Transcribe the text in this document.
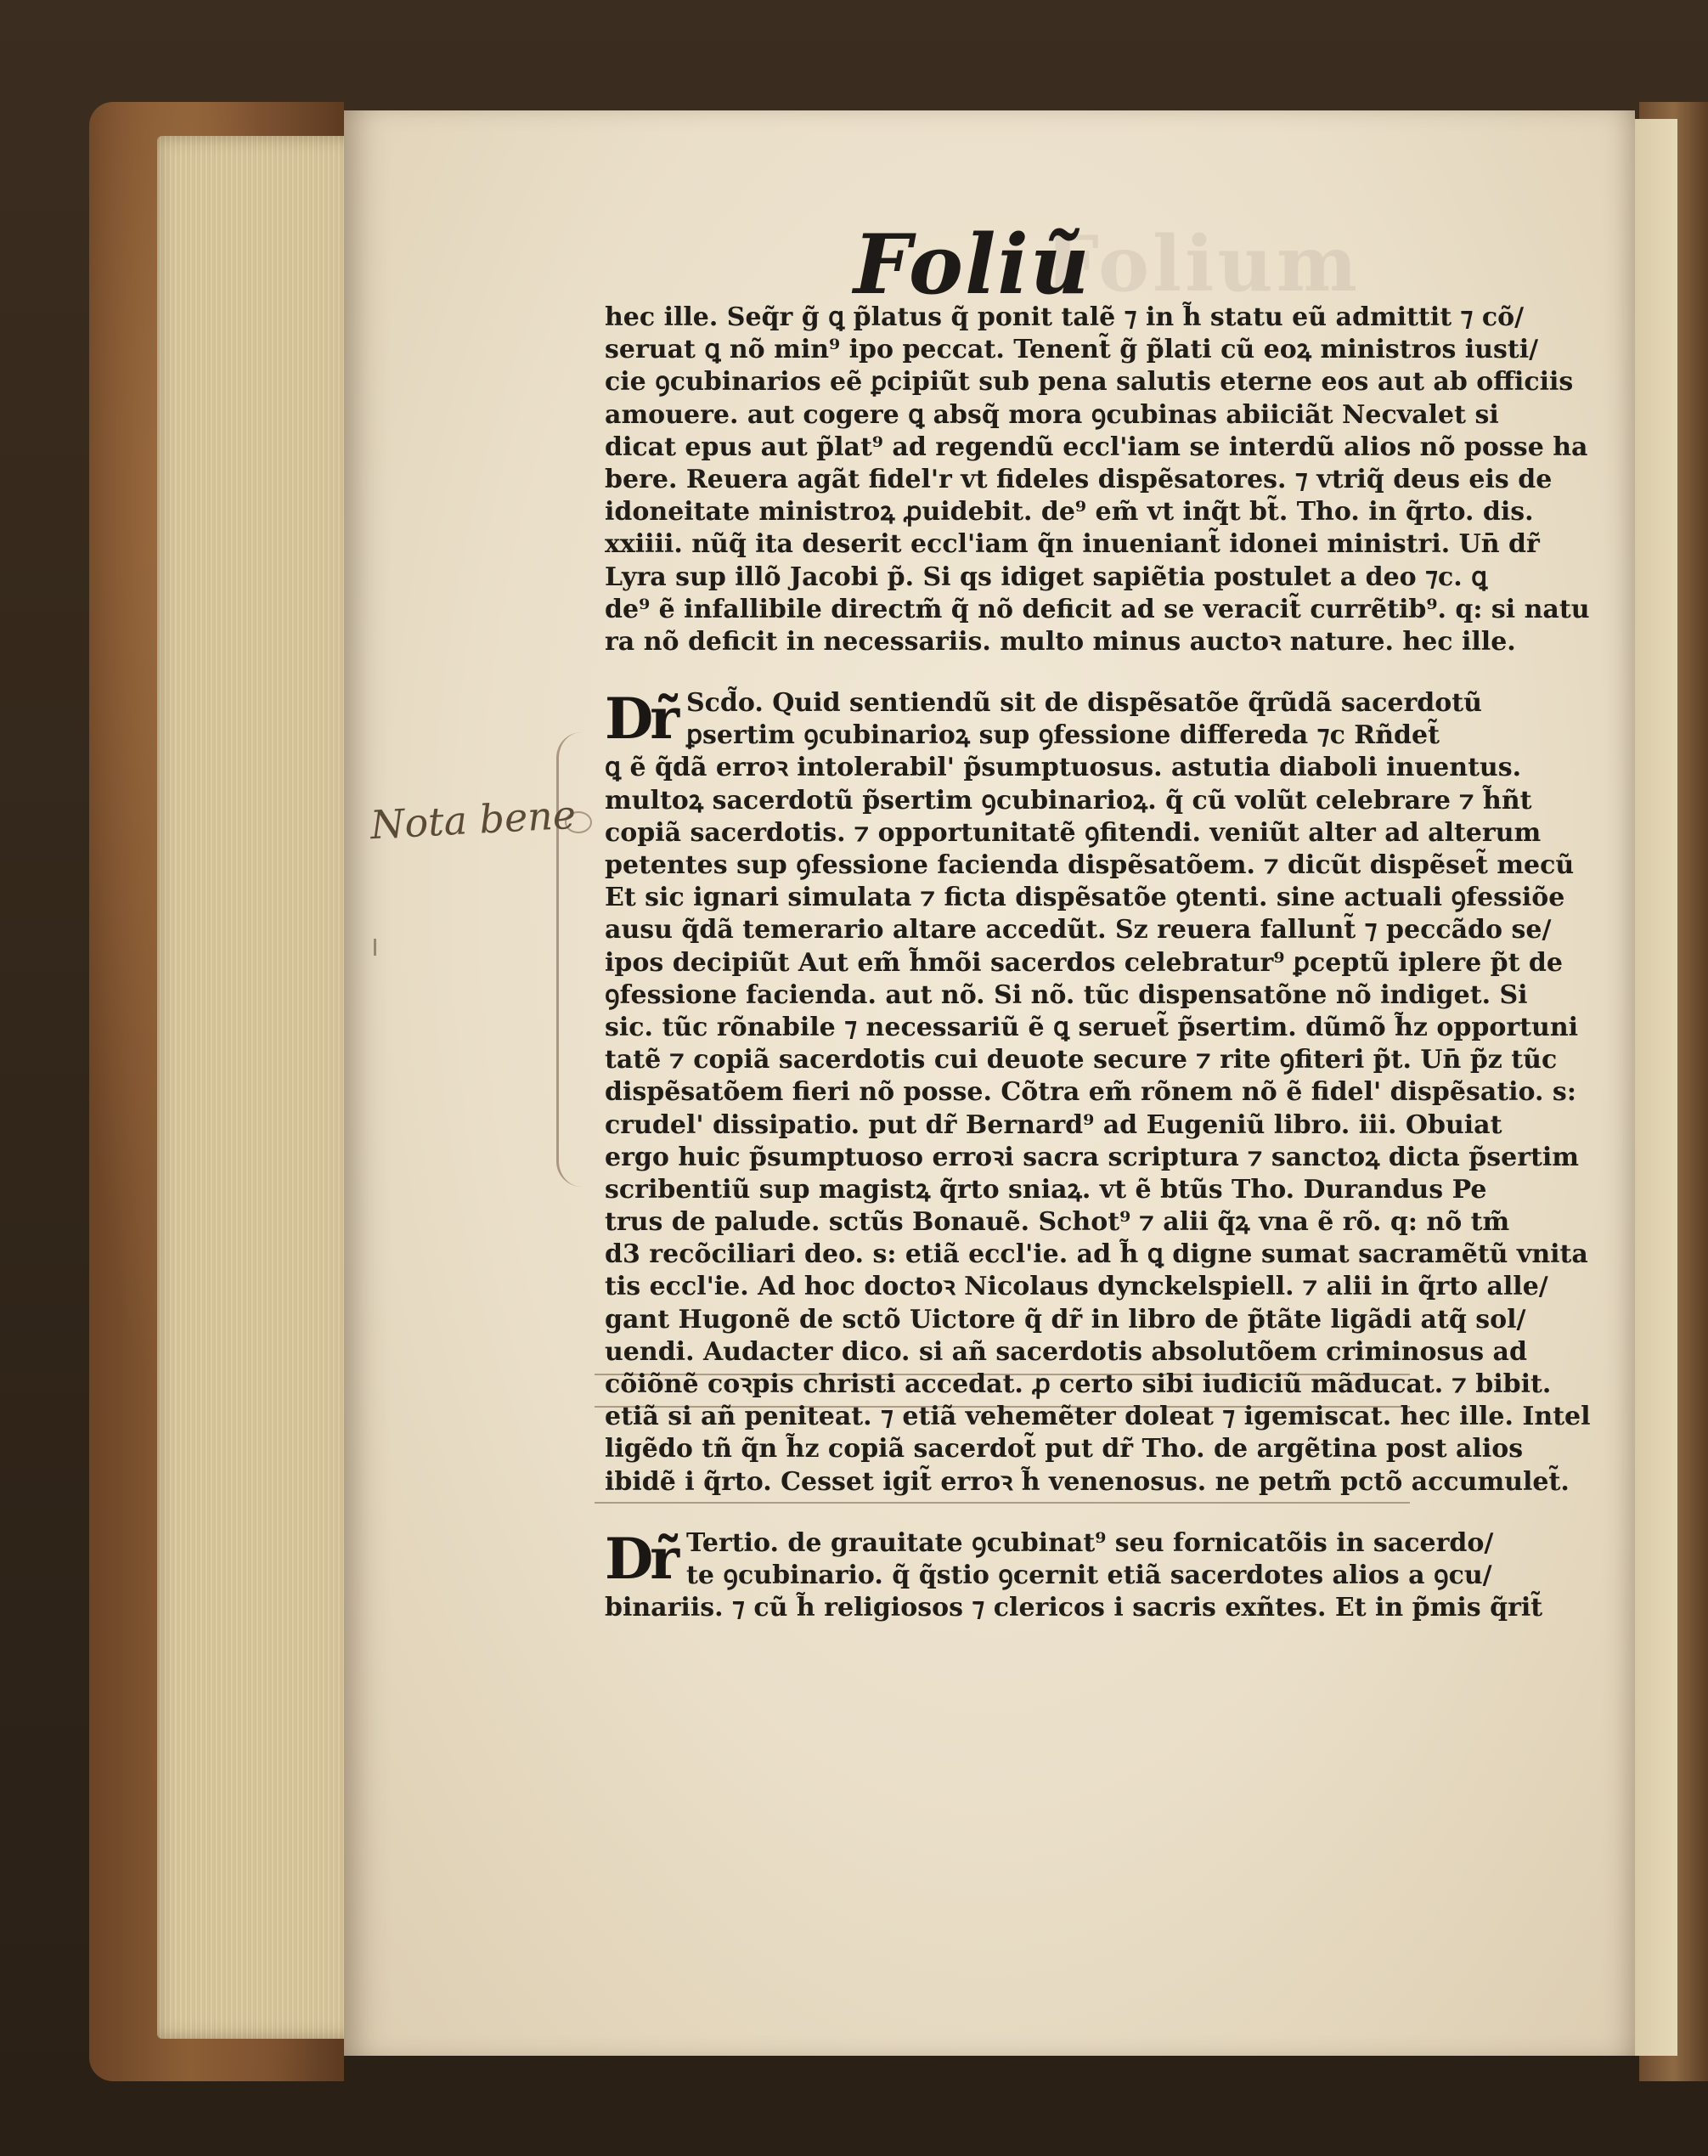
Folium
Foliũ
Nota bene
hec ille. Seq̃r g̃ ꝗ p̃latus q̃ ponit talẽ ⁊ in h̃ statu eũ admittit ⁊ cõ/
seruat ꝗ nõ min⁹ ipo peccat. Tenent̃ g̃ p̃lati cũ eoꝝ ministros iusti/
cie ꝯcubinarios eẽ ꝑcipiũt sub pena salutis eterne eos aut ab officiis
amouere. aut cogere ꝗ absq̃ mora ꝯcubinas abiiciãt Necvalet si
dicat epus aut p̃lat⁹ ad regendũ eccl'iam se interdũ alios nõ posse ha
bere. Reuera agãt fidel'r vt fideles dispẽsatores. ⁊ vtriq̃ deus eis de
idoneitate ministroꝝ ꝓuidebit. de⁹ em̃ vt inq̃t bt̃. Tho. in q̃rto. dis.
xxiiii. nũq̃ ita deserit eccl'iam q̃n inueniant̃ idonei ministri. Un̄ dr̃
Lyra sup illõ Jacobi p̃. Si qs idiget sapiẽtia postulet a deo ⁊c. ꝗ
de⁹ ẽ infallibile directm̃ q̃ nõ deficit ad se veracit̃ currẽtib⁹. q: si natu
ra nõ deficit in necessariis. multo minus auctoꝛ nature. hec ille.
Dr̃ Scd̃o. Quid sentiendũ sit de dispẽsatõe q̃rũdã sacerdotũ
ꝑsertim ꝯcubinarioꝝ sup ꝯfessione differeda ⁊c Rñdet̃
ꝗ ẽ q̃dã erroꝛ intolerabil' p̃sumptuosus. astutia diaboli inuentus.
multoꝝ sacerdotũ p̃sertim ꝯcubinarioꝝ. q̃ cũ volũt celebrare ⁊ h̃ñt
copiã sacerdotis. ⁊ opportunitatẽ ꝯfitendi. veniũt alter ad alterum
petentes sup ꝯfessione facienda dispẽsatõem. ⁊ dicũt dispẽset̃ mecũ
Et sic ignari simulata ⁊ ficta dispẽsatõe ꝯtenti. sine actuali ꝯfessiõe
ausu q̃dã temerario altare accedũt. Sz reuera fallunt̃ ⁊ peccãdo se/
ipos decipiũt Aut em̃ h̃mõi sacerdos celebratur⁹ ꝑceptũ iplere p̃t de
ꝯfessione facienda. aut nõ. Si nõ. tũc dispensatõne nõ indiget. Si
sic. tũc rõnabile ⁊ necessariũ ẽ ꝗ seruet̃ p̃sertim. dũmõ h̃z opportuni
tatẽ ⁊ copiã sacerdotis cui deuote secure ⁊ rite ꝯfiteri p̃t. Un̄ p̃z tũc
dispẽsatõem fieri nõ posse. Cõtra em̃ rõnem nõ ẽ fidel' dispẽsatio. s:
crudel' dissipatio. put dr̃ Bernard⁹ ad Eugeniũ libro. iii. Obuiat
ergo huic p̃sumptuoso erroꝛi sacra scriptura ⁊ sanctoꝝ dicta p̃sertim
scribentiũ sup magistꝝ q̃rto sniaꝝ. vt ẽ btũs Tho. Durandus Pe
trus de palude. sctũs Bonauẽ. Schot⁹ ⁊ alii q̃ꝝ vna ẽ rõ. q: nõ tm̃
d3 recõciliari deo. s: etiã eccl'ie. ad h̃ ꝗ digne sumat sacramẽtũ vnita
tis eccl'ie. Ad hoc doctoꝛ Nicolaus dynckelspiell. ⁊ alii in q̃rto alle/
gant Hugonẽ de sctõ Uictore q̃ dr̃ in libro de p̃tãte ligãdi atq̃ sol/
uendi. Audacter dico. si añ sacerdotis absolutõem criminosus ad
cõiõnẽ coꝛpis christi accedat. ꝓ certo sibi iudiciũ mãducat. ⁊ bibit.
etiã si añ peniteat. ⁊ etiã vehemẽter doleat ⁊ igemiscat. hec ille. Intel
ligẽdo tñ q̃n h̃z copiã sacerdot̃ put dr̃ Tho. de argẽtina post alios
ibidẽ i q̃rto. Cesset igit̃ erroꝛ h̃ venenosus. ne petm̃ pctõ accumulet̃.
Dr̃ Tertio. de grauitate ꝯcubinat⁹ seu fornicatõis in sacerdo/
te ꝯcubinario. q̃ q̃stio ꝯcernit etiã sacerdotes alios a ꝯcu/
binariis. ⁊ cũ h̃ religiosos ⁊ clericos i sacris exñtes. Et in p̃mis q̃rit̃
